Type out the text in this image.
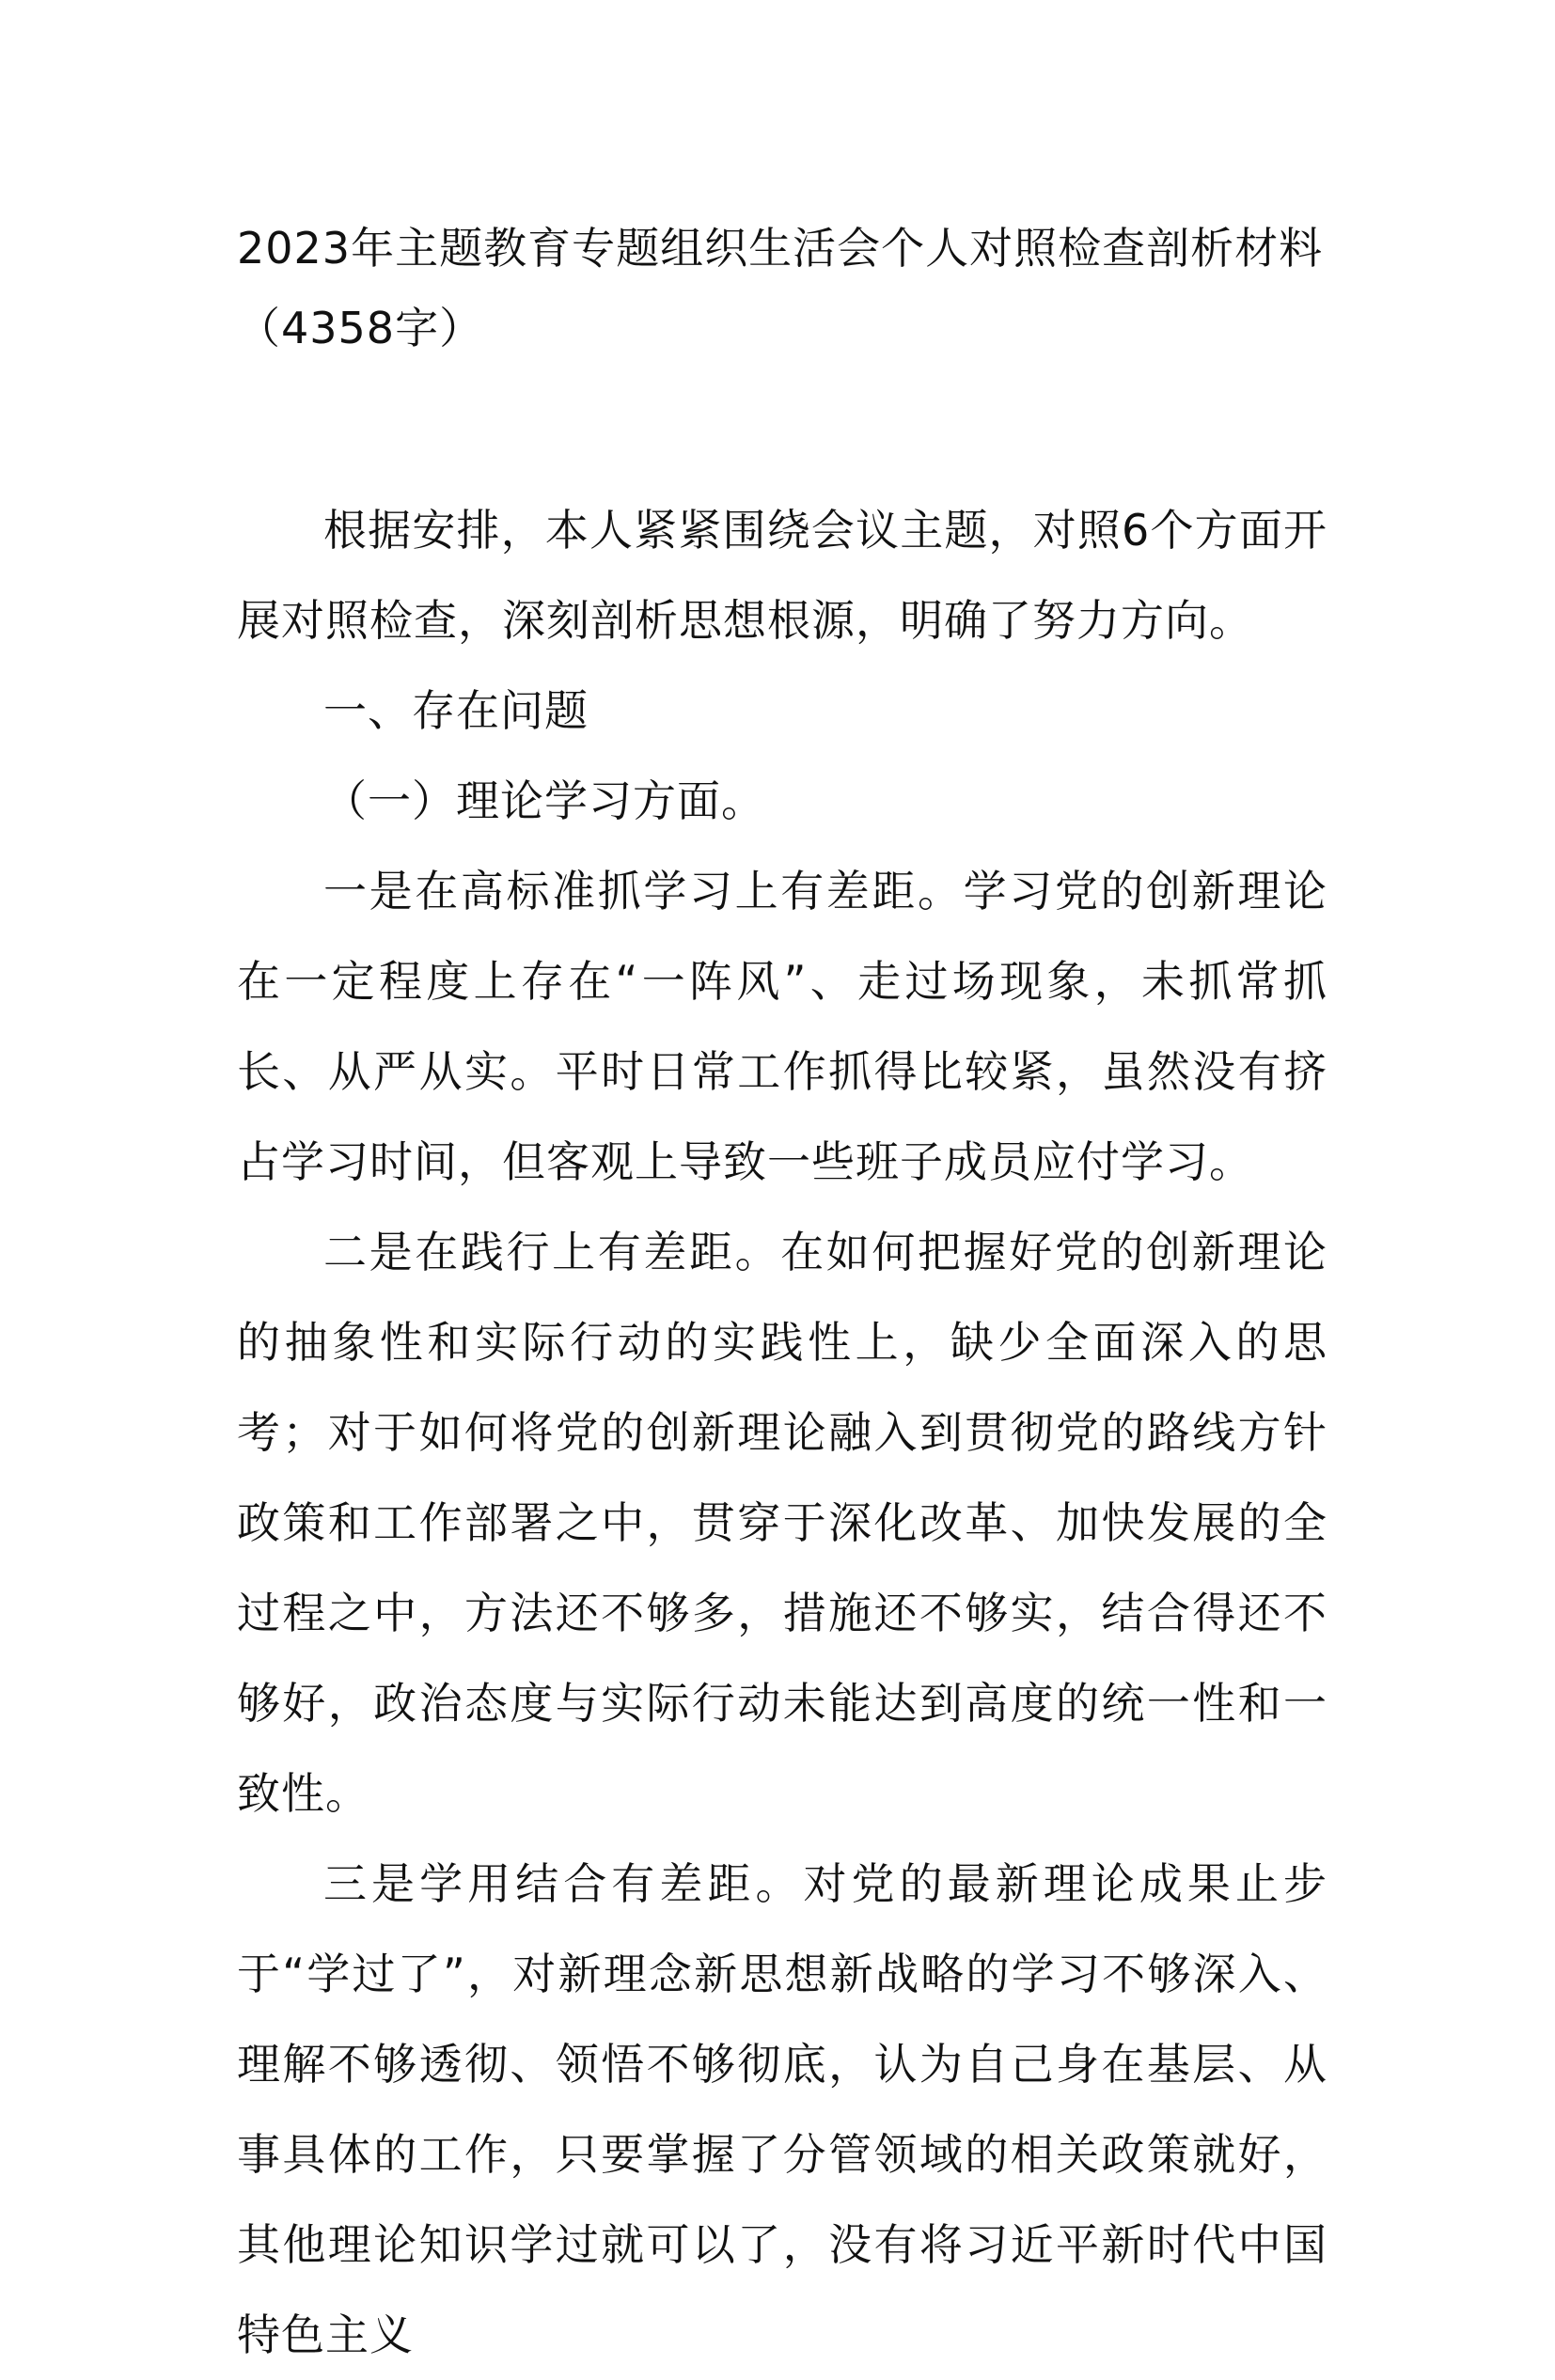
2023年主题教育专题组织生活会个人对照检查剖析材料（4358字）

根据安排，本人紧紧围绕会议主题，对照6个方面开展对照检查，深刻剖析思想根源，明确了努力方向。

一、存在问题

（一）理论学习方面。

一是在高标准抓学习上有差距。学习党的创新理论在一定程度上存在“一阵风”、走过场现象，未抓常抓长、从严从实。平时日常工作抓得比较紧，虽然没有挤占学习时间，但客观上导致一些班子成员应付学习。

二是在践行上有差距。在如何把握好党的创新理论的抽象性和实际行动的实践性上，缺少全面深入的思考；对于如何将党的创新理论融入到贯彻党的路线方针政策和工作部署之中，贯穿于深化改革、加快发展的全过程之中，方法还不够多，措施还不够实，结合得还不够好，政治态度与实际行动未能达到高度的统一性和一致性。

三是学用结合有差距。对党的最新理论成果止步于“学过了”，对新理念新思想新战略的学习不够深入、理解不够透彻、领悟不够彻底，认为自己身在基层、从事具体的工作，只要掌握了分管领域的相关政策就好，其他理论知识学过就可以了，没有将习近平新时代中国特色主义
